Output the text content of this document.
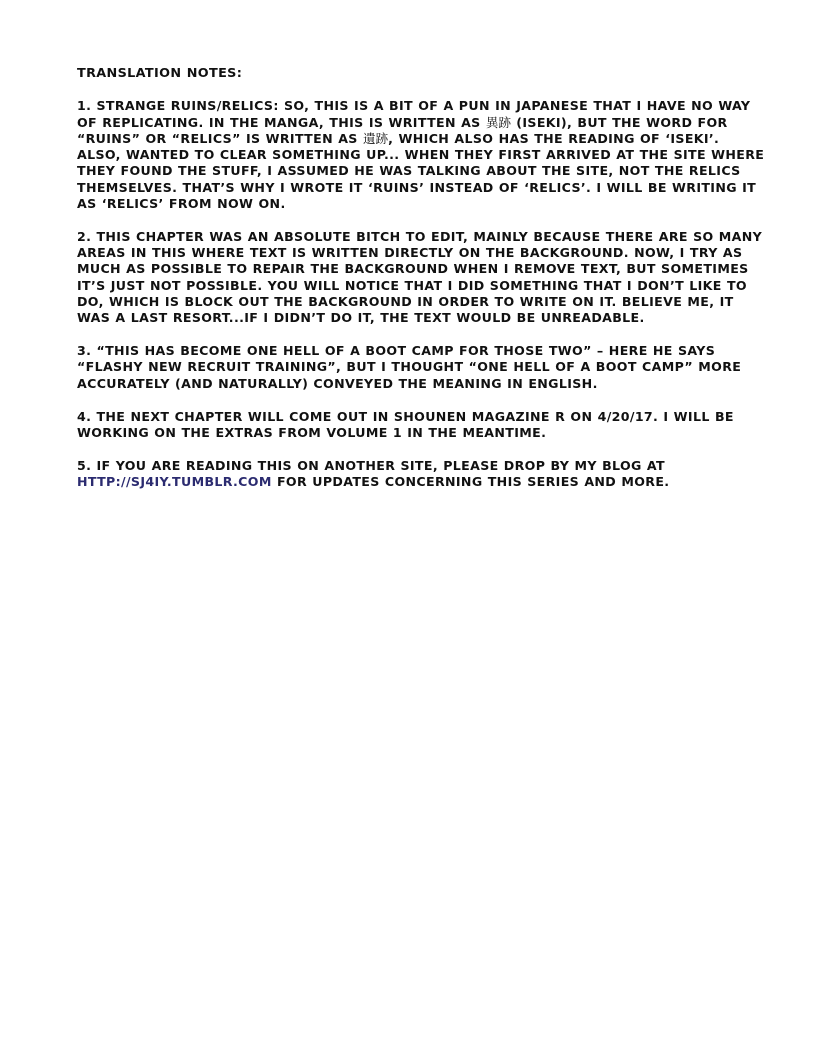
TRANSLATION NOTES:

1. STRANGE RUINS/RELICS: SO, THIS IS A BIT OF A PUN IN JAPANESE THAT I HAVE NO WAY OF REPLICATING. IN THE MANGA, THIS IS WRITTEN AS 異跡 (ISEKI), BUT THE WORD FOR “RUINS” OR “RELICS” IS WRITTEN AS 遺跡, WHICH ALSO HAS THE READING OF ‘ISEKI’. ALSO, WANTED TO CLEAR SOMETHING UP... WHEN THEY FIRST ARRIVED AT THE SITE WHERE THEY FOUND THE STUFF, I ASSUMED HE WAS TALKING ABOUT THE SITE, NOT THE RELICS THEMSELVES. THAT’S WHY I WROTE IT ‘RUINS’ INSTEAD OF ‘RELICS’. I WILL BE WRITING IT AS ‘RELICS’ FROM NOW ON.

2. THIS CHAPTER WAS AN ABSOLUTE BITCH TO EDIT, MAINLY BECAUSE THERE ARE SO MANY AREAS IN THIS WHERE TEXT IS WRITTEN DIRECTLY ON THE BACKGROUND. NOW, I TRY AS MUCH AS POSSIBLE TO REPAIR THE BACKGROUND WHEN I REMOVE TEXT, BUT SOMETIMES IT’S JUST NOT POSSIBLE. YOU WILL NOTICE THAT I DID SOMETHING THAT I DON’T LIKE TO DO, WHICH IS BLOCK OUT THE BACKGROUND IN ORDER TO WRITE ON IT. BELIEVE ME, IT WAS A LAST RESORT...IF I DIDN’T DO IT, THE TEXT WOULD BE UNREADABLE.

3. “THIS HAS BECOME ONE HELL OF A BOOT CAMP FOR THOSE TWO” – HERE HE SAYS “FLASHY NEW RECRUIT TRAINING”, BUT I THOUGHT “ONE HELL OF A BOOT CAMP” MORE ACCURATELY (AND NATURALLY) CONVEYED THE MEANING IN ENGLISH.

4. THE NEXT CHAPTER WILL COME OUT IN SHOUNEN MAGAZINE R ON 4/20/17. I WILL BE WORKING ON THE EXTRAS FROM VOLUME 1 IN THE MEANTIME.

5. IF YOU ARE READING THIS ON ANOTHER SITE, PLEASE DROP BY MY BLOG AT HTTP://SJ4IY.TUMBLR.COM FOR UPDATES CONCERNING THIS SERIES AND MORE.
